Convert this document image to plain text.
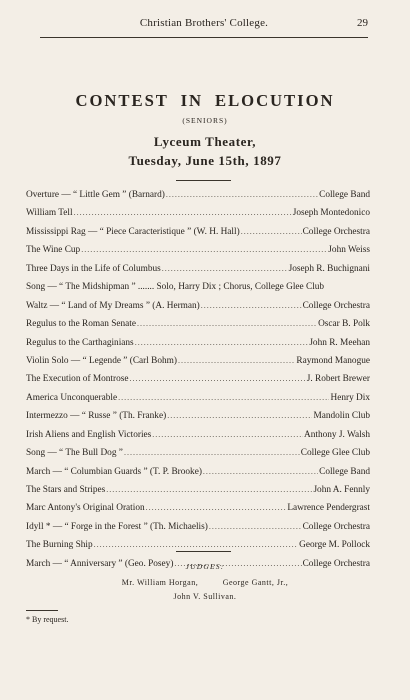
Christian Brothers' College.	29
CONTEST IN ELOCUTION
(SENIORS)
Lyceum Theater,
Tuesday, June 15th, 1897
Overture — “ Little Gem ” (Barnard) .....	College Band
William Tell .....	Joseph Montedonico
Mississippi Rag — “ Piece Caracteristique ” (W. H. Hall) .....	College Orchestra
The Wine Cup .....	John Weiss
Three Days in the Life of Columbus .....	Joseph R. Buchignani
Song — “ The Midshipman ” ....... Solo, Harry Dix ; Chorus, College Glee Club
Waltz — “ Land of My Dreams ” (A. Herman) .....	College Orchestra
Regulus to the Roman Senate .....	Oscar B. Polk
Regulus to the Carthaginians .....	John R. Meehan
Violin Solo — “ Legende ” (Carl Bohm) .....	Raymond Manogue
The Execution of Montrose .....	J. Robert Brewer
America Unconquerable .....	Henry Dix
Intermezzo — “ Russe ” (Th. Franke) .....	Mandolin Club
Irish Aliens and English Victories .....	Anthony J. Walsh
Song — “ The Bull Dog ” .....	College Glee Club
March — “ Columbian Guards ” (T. P. Brooke) .....	College Band
The Stars and Stripes .....	John A. Fennly
Marc Antony's Original Oration .....	Lawrence Pendergrast
Idyll * — “ Forge in the Forest ” (Th. Michaelis) .....	College Orchestra
The Burning Ship .....	George M. Pollock
March — “ Anniversary ” (Geo. Posey) .....	College Orchestra
JUDGES:
Mr. William Horgan,	George Gantt, Jr.,
John V. Sullivan.
* By request.
